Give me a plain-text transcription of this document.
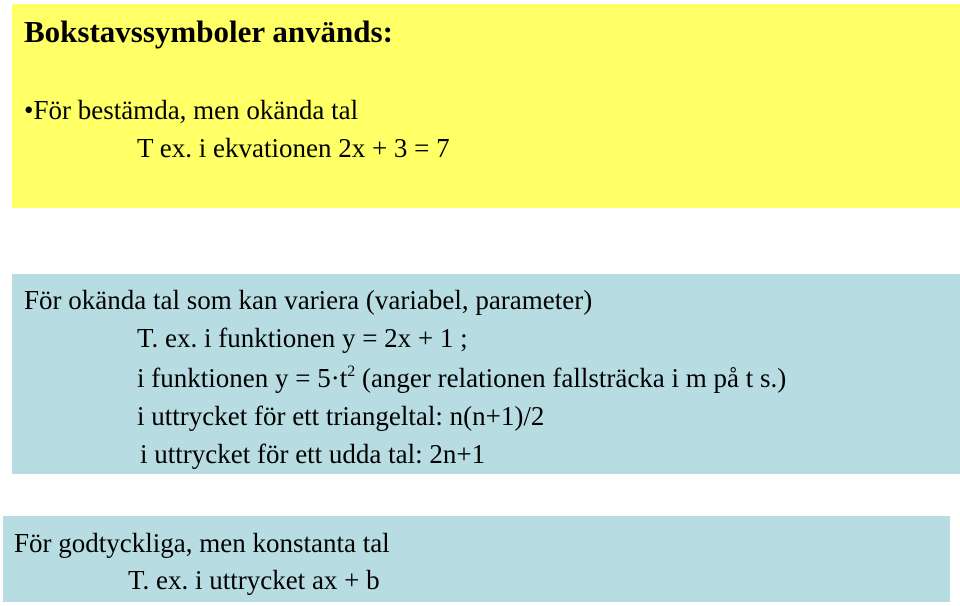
Bokstavssymboler används:
•För bestämda, men okända tal
T ex. i ekvationen 2x + 3 = 7
För okända tal som kan variera (variabel, parameter)
T. ex. i funktionen y = 2x + 1 ;
i funktionen $y = 5\cdot t^2$ (anger relationen fallsträcka i m på t s.)
i uttrycket för ett triangeltal: n(n+1)/2
i uttrycket för ett udda tal: 2n+1
För godtyckliga, men konstanta tal
T. ex. i uttrycket ax + b
